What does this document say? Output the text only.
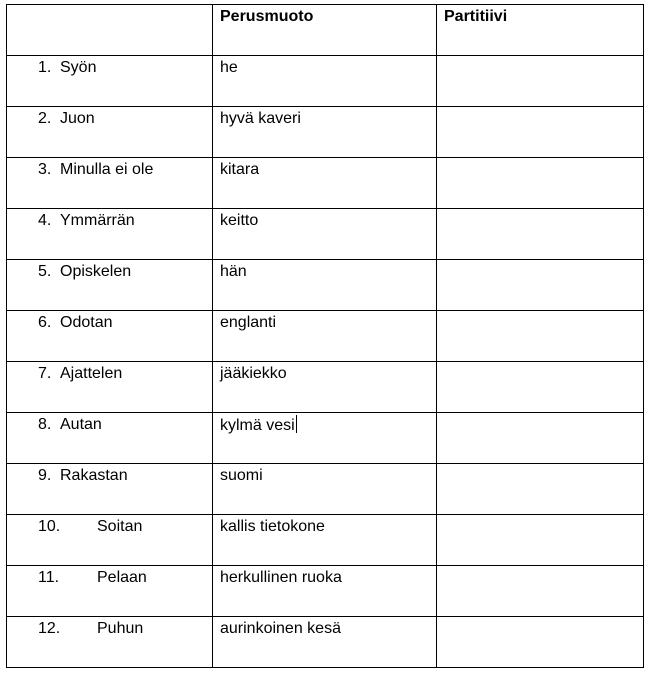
	Perusmuoto	Partitiivi

1. Syön	he	

2. Juon	hyvä kaveri	

3. Minulla ei ole	kitara	

4. Ymmärrän	keitto	

5. Opiskelen	hän	

6. Odotan	englanti	

7. Ajattelen	jääkiekko	

8. Autan	kylmä vesi	

9. Rakastan	suomi	

10. Soitan	kallis tietokone	

11. Pelaan	herkullinen ruoka	

12. Puhun	aurinkoinen kesä	
